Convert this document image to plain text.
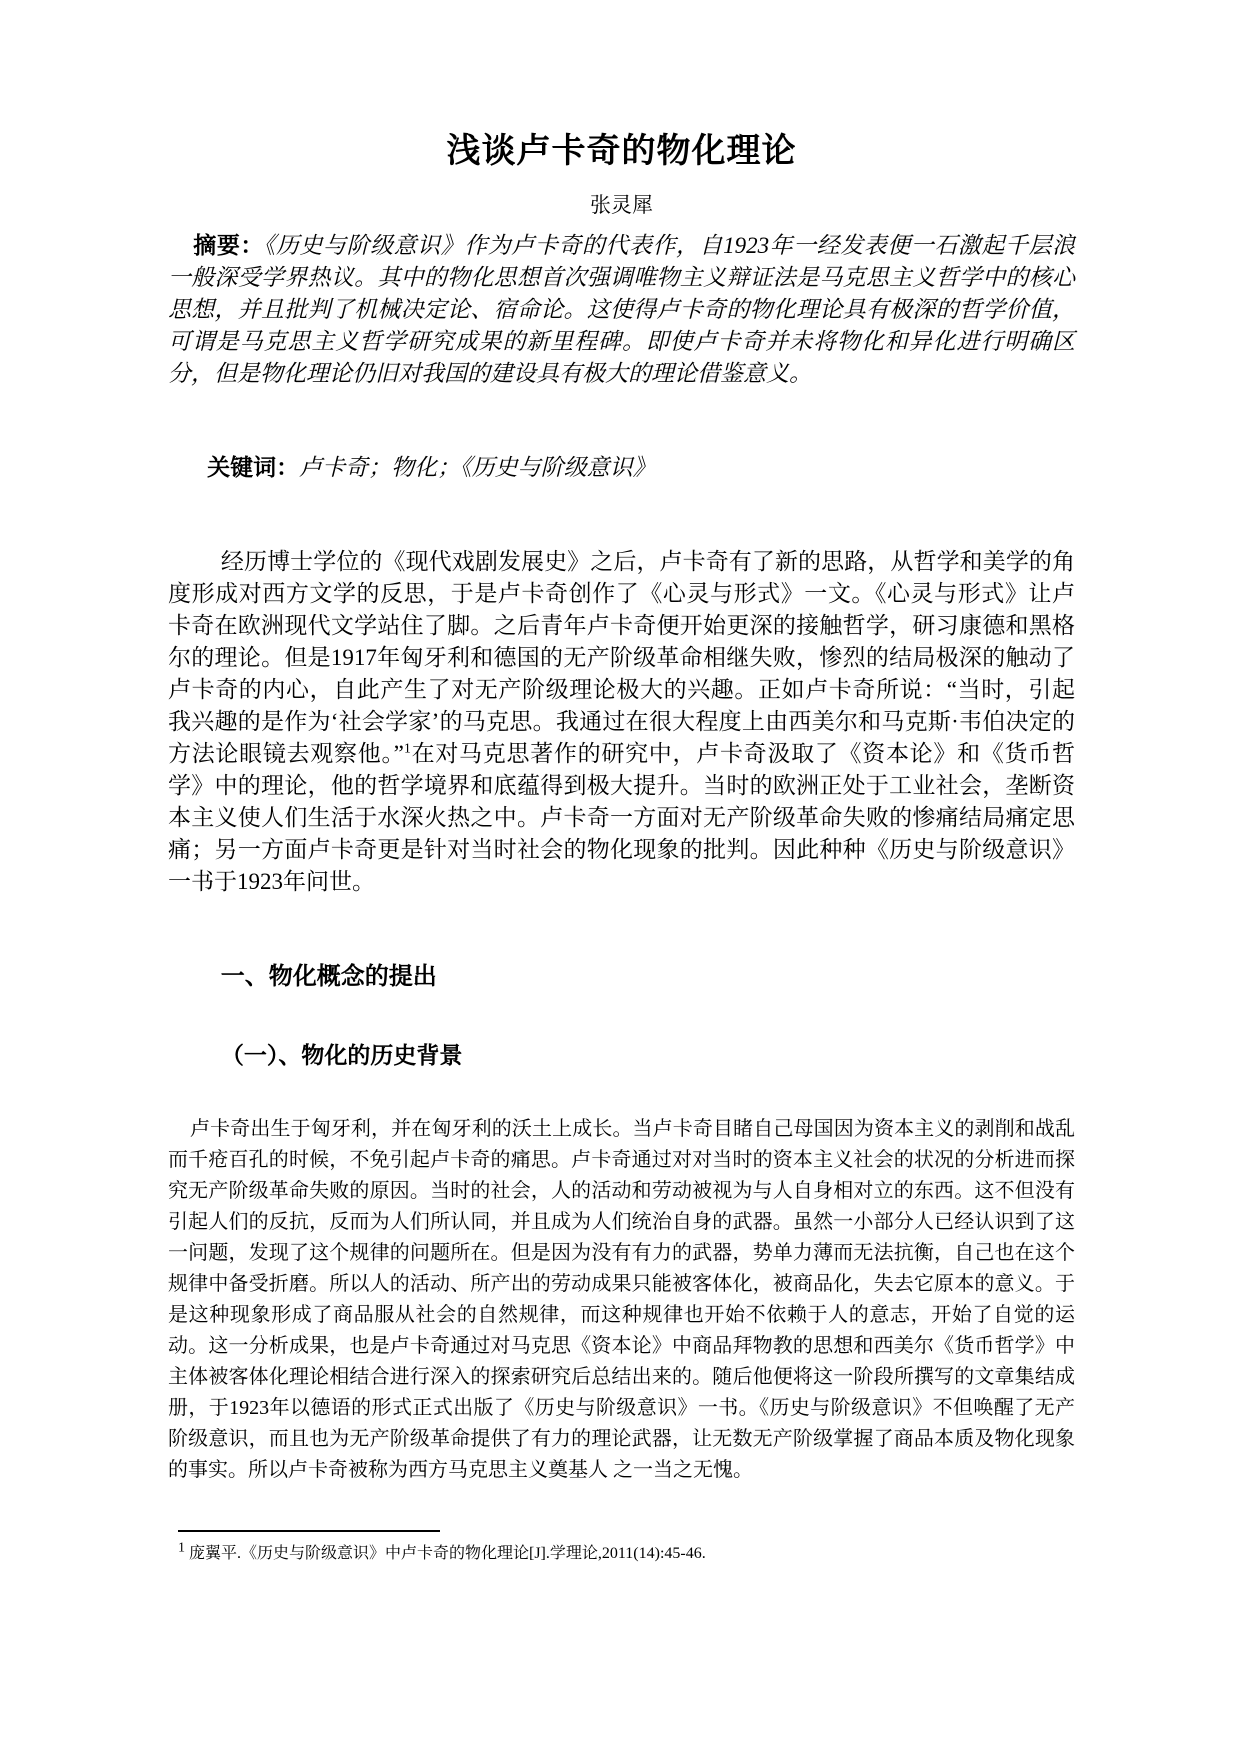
浅谈卢卡奇的物化理论
张灵犀

摘要：《历史与阶级意识》作为卢卡奇的代表作，自1923年一经发表便一石激起千层浪一般深受学界热议。其中的物化思想首次强调唯物主义辩证法是马克思主义哲学中的核心思想，并且批判了机械决定论、宿命论。这使得卢卡奇的物化理论具有极深的哲学价值，可谓是马克思主义哲学研究成果的新里程碑。即使卢卡奇并未将物化和异化进行明确区分，但是物化理论仍旧对我国的建设具有极大的理论借鉴意义。

关键词：卢卡奇；物化；《历史与阶级意识》

经历博士学位的《现代戏剧发展史》之后，卢卡奇有了新的思路，从哲学和美学的角度形成对西方文学的反思，于是卢卡奇创作了《心灵与形式》一文。《心灵与形式》让卢卡奇在欧洲现代文学站住了脚。之后青年卢卡奇便开始更深的接触哲学，研习康德和黑格尔的理论。但是1917年匈牙利和德国的无产阶级革命相继失败，惨烈的结局极深的触动了卢卡奇的内心，自此产生了对无产阶级理论极大的兴趣。正如卢卡奇所说：“当时，引起我兴趣的是作为‘社会学家’的马克思。我通过在很大程度上由西美尔和马克斯·韦伯决定的方法论眼镜去观察他。”$^1$在对马克思著作的研究中，卢卡奇汲取了《资本论》和《货币哲学》中的理论，他的哲学境界和底蕴得到极大提升。当时的欧洲正处于工业社会，垄断资本主义使人们生活于水深火热之中。卢卡奇一方面对无产阶级革命失败的惨痛结局痛定思痛；另一方面卢卡奇更是针对当时社会的物化现象的批判。因此种种《历史与阶级意识》一书于1923年问世。

一、物化概念的提出
（一）、物化的历史背景

卢卡奇出生于匈牙利，并在匈牙利的沃土上成长。当卢卡奇目睹自己母国因为资本主义的剥削和战乱而千疮百孔的时候，不免引起卢卡奇的痛思。卢卡奇通过对对当时的资本主义社会的状况的分析进而探究无产阶级革命失败的原因。当时的社会，人的活动和劳动被视为与人自身相对立的东西。这不但没有引起人们的反抗，反而为人们所认同，并且成为人们统治自身的武器。虽然一小部分人已经认识到了这一问题，发现了这个规律的问题所在。但是因为没有有力的武器，势单力薄而无法抗衡，自己也在这个规律中备受折磨。所以人的活动、所产出的劳动成果只能被客体化，被商品化，失去它原本的意义。于是这种现象形成了商品服从社会的自然规律，而这种规律也开始不依赖于人的意志，开始了自觉的运动。这一分析成果，也是卢卡奇通过对马克思《资本论》中商品拜物教的思想和西美尔《货币哲学》中主体被客体化理论相结合进行深入的探索研究后总结出来的。随后他便将这一阶段所撰写的文章集结成册，于1923年以德语的形式正式出版了《历史与阶级意识》一书。《历史与阶级意识》不但唤醒了无产阶级意识，而且也为无产阶级革命提供了有力的理论武器，让无数无产阶级掌握了商品本质及物化现象的事实。所以卢卡奇被称为西方马克思主义奠基人 之一当之无愧。

$^1$ 庞翼平.《历史与阶级意识》中卢卡奇的物化理论[J].学理论,2011(14):45-46.
